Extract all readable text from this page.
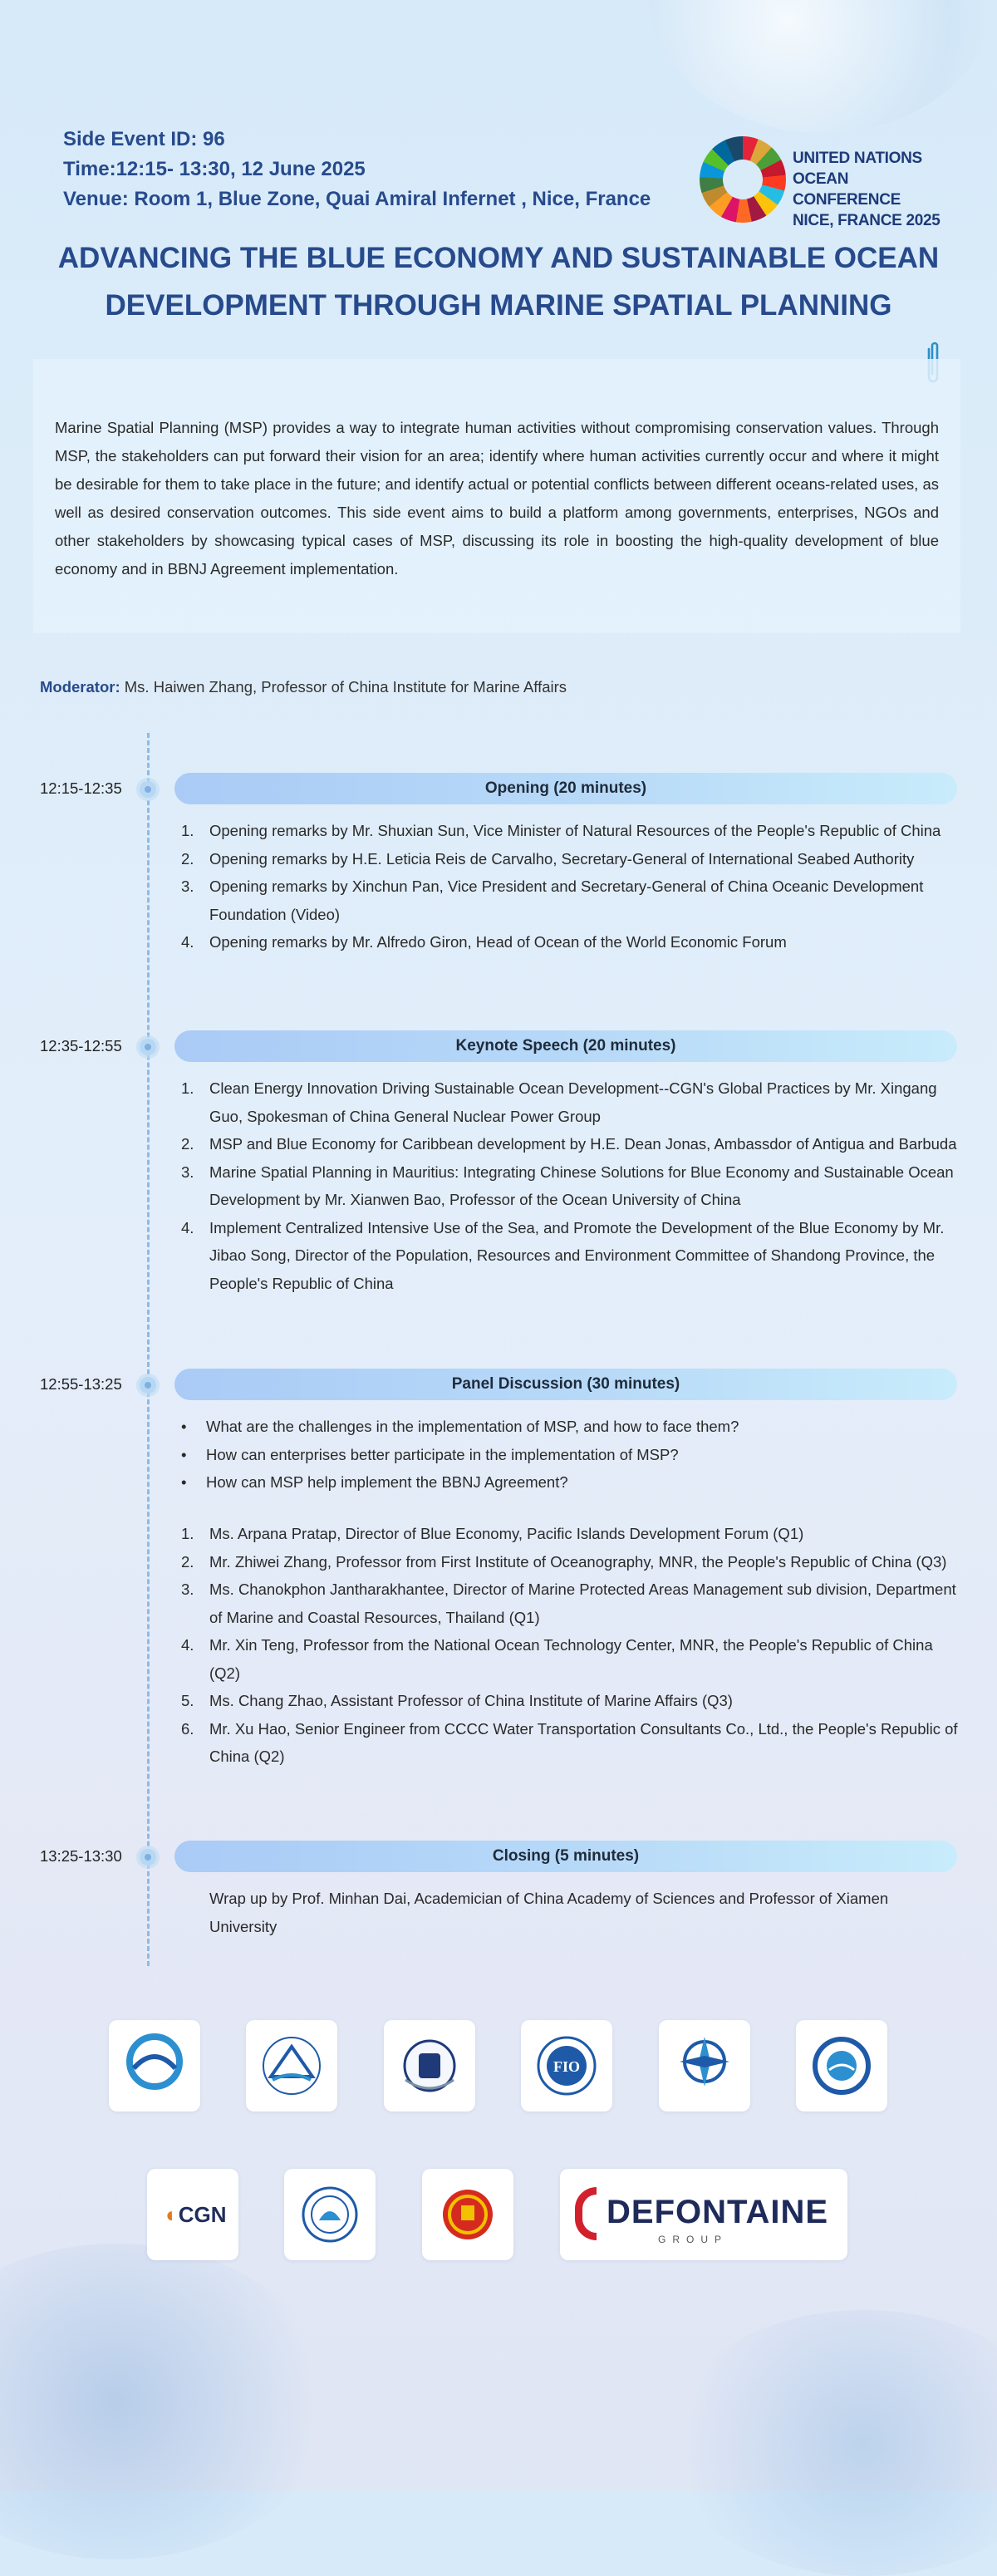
Side Event ID: 96
Time:12:15- 13:30, 12 June 2025
Venue: Room 1, Blue Zone, Quai Amiral Infernet , Nice, France
UNITED NATIONS
OCEAN CONFERENCE
NICE, FRANCE 2025
ADVANCING THE BLUE ECONOMY AND SUSTAINABLE OCEAN
DEVELOPMENT THROUGH MARINE SPATIAL PLANNING

Marine Spatial Planning (MSP) provides a way to integrate human activities without compromising conservation values. Through MSP, the stakeholders can put forward their vision for an area; identify where human activities currently occur and where it might be desirable for them to take place in the future; and identify actual or potential conflicts between different oceans-related uses, as well as desired conservation outcomes. This side event aims to build a platform among governments, enterprises, NGOs and other stakeholders by showcasing typical cases of MSP, discussing its role in boosting the high-quality development of blue economy and in BBNJ Agreement implementation.

Moderator: Ms. Haiwen Zhang, Professor of China Institute for Marine Affairs
12:15-12:35	Opening (20 minutes)
1. Opening remarks by Mr. Shuxian Sun, Vice Minister of Natural Resources of the People's Republic of China
2. Opening remarks by H.E. Leticia Reis de Carvalho, Secretary-General of International Seabed Authority
3. Opening remarks by Xinchun Pan, Vice President and Secretary-General of China Oceanic Development Foundation (Video)
4. Opening remarks by Mr. Alfredo Giron, Head of Ocean of the World Economic Forum
12:35-12:55	Keynote Speech (20 minutes)
1. Clean Energy Innovation Driving Sustainable Ocean Development--CGN's Global Practices by Mr. Xingang Guo, Spokesman of China General Nuclear Power Group
2. MSP and Blue Economy for Caribbean development by H.E. Dean Jonas, Ambassdor of Antigua and Barbuda
3. Marine Spatial Planning in Mauritius: Integrating Chinese Solutions for Blue Economy and Sustainable Ocean Development by Mr. Xianwen Bao, Professor of the Ocean University of China
4. Implement Centralized Intensive Use of the Sea, and Promote the Development of the Blue Economy by Mr. Jibao Song, Director of the Population, Resources and Environment Committee of Shandong Province, the People's Republic of China
12:55-13:25	Panel Discussion (30 minutes)
• What are the challenges in the implementation of MSP, and how to face them?
• How can enterprises better participate in the implementation of MSP?
• How can MSP help implement the BBNJ Agreement?
1. Ms. Arpana Pratap, Director of Blue Economy, Pacific Islands Development Forum (Q1)
2. Mr. Zhiwei Zhang, Professor from First Institute of Oceanography, MNR, the People's Republic of China (Q3)
3. Ms. Chanokphon Jantharakhantee, Director of Marine Protected Areas Management sub division, Department of Marine and Coastal Resources, Thailand (Q1)
4. Mr. Xin Teng, Professor from the National Ocean Technology Center, MNR, the People's Republic of China (Q2)
5. Ms. Chang Zhao, Assistant Professor of China Institute of Marine Affairs (Q3)
6. Mr. Xu Hao, Senior Engineer from CCCC Water Transportation Consultants Co., Ltd., the People's Republic of China (Q2)
13:25-13:30	Closing (5 minutes)
Wrap up by Prof. Minhan Dai, Academician of China Academy of Sciences and Professor of Xiamen University
FIO
◐CGN	DEFONTAINE
GROUP
